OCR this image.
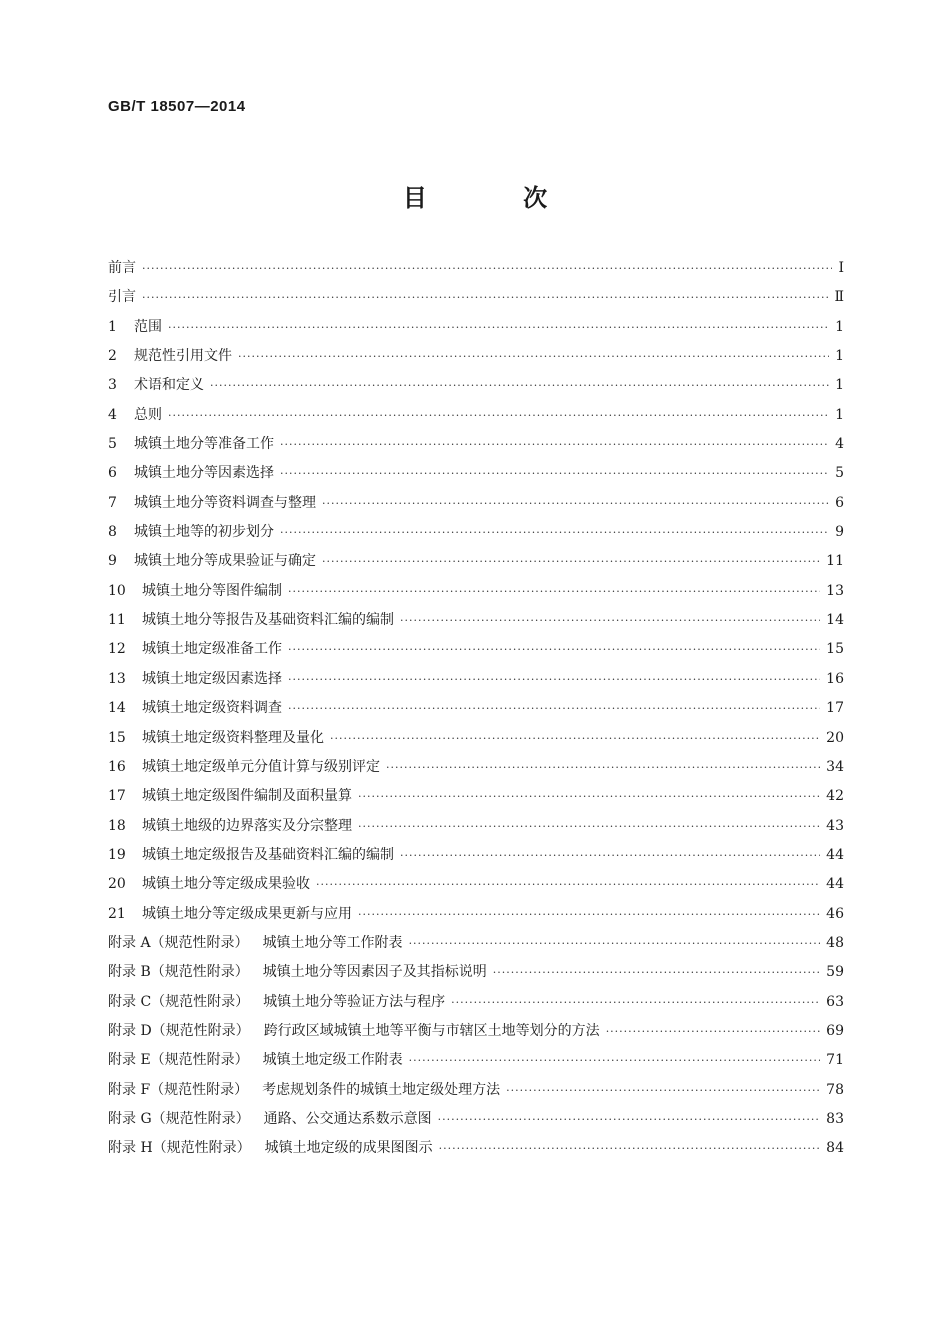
GB/T 18507—2014
目 次
前言 ·····	Ⅰ
引言 ·····	Ⅱ
1 范围 ·····	1
2 规范性引用文件 ·····	1
3 术语和定义 ·····	1
4 总则 ·····	1
5 城镇土地分等准备工作 ·····	4
6 城镇土地分等因素选择 ·····	5
7 城镇土地分等资料调查与整理 ·····	6
8 城镇土地等的初步划分 ·····	9
9 城镇土地分等成果验证与确定 ·····	11
10 城镇土地分等图件编制 ·····	13
11 城镇土地分等报告及基础资料汇编的编制 ·····	14
12 城镇土地定级准备工作 ·····	15
13 城镇土地定级因素选择 ·····	16
14 城镇土地定级资料调查 ·····	17
15 城镇土地定级资料整理及量化 ·····	20
16 城镇土地定级单元分值计算与级别评定 ·····	34
17 城镇土地定级图件编制及面积量算 ·····	42
18 城镇土地级的边界落实及分宗整理 ·····	43
19 城镇土地定级报告及基础资料汇编的编制 ·····	44
20 城镇土地分等定级成果验收 ·····	44
21 城镇土地分等定级成果更新与应用 ·····	46
附录 A（规范性附录） 城镇土地分等工作附表 ·····	48
附录 B（规范性附录） 城镇土地分等因素因子及其指标说明 ·····	59
附录 C（规范性附录） 城镇土地分等验证方法与程序 ·····	63
附录 D（规范性附录） 跨行政区域城镇土地等平衡与市辖区土地等划分的方法 ·····	69
附录 E（规范性附录） 城镇土地定级工作附表 ·····	71
附录 F（规范性附录） 考虑规划条件的城镇土地定级处理方法 ·····	78
附录 G（规范性附录） 通路、公交通达系数示意图 ·····	83
附录 H（规范性附录） 城镇土地定级的成果图图示 ·····	84
